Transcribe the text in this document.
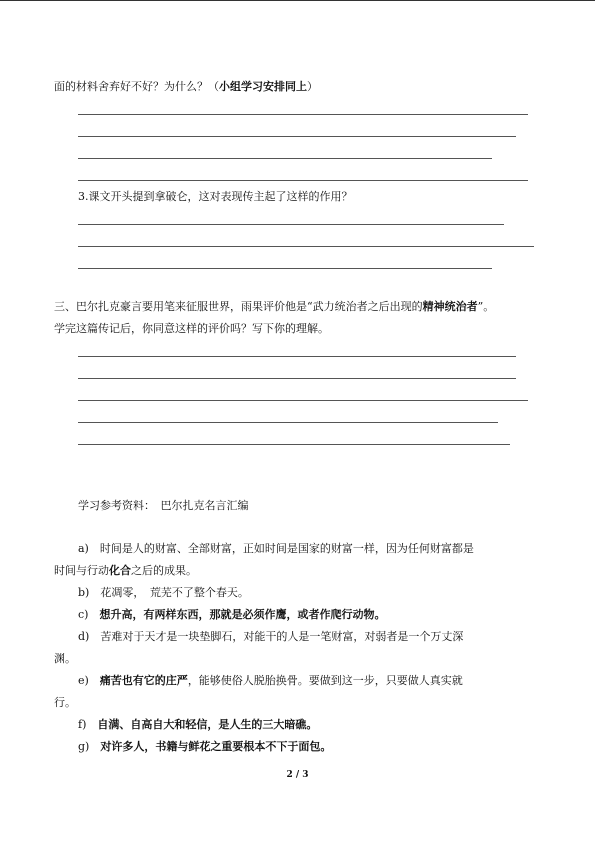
面的材料舍弃好不好？为什么？（小组学习安排同上）
3.课文开头提到拿破仑，这对表现传主起了这样的作用？
三、巴尔扎克豪言要用笔来征服世界，雨果评价他是“武力统治者之后出现的精神统治者”。
学完这篇传记后，你同意这样的评价吗？写下你的理解。
学习参考资料：　巴尔扎克名言汇编
a)　时间是人的财富、全部财富，正如时间是国家的财富一样，因为任何财富都是
时间与行动化合之后的成果。
b)　花凋零，　荒芜不了整个春天。
c)　想升高，有两样东西，那就是必须作鹰，或者作爬行动物。
d)　苦难对于天才是一块垫脚石，对能干的人是一笔财富，对弱者是一个万丈深
渊。
e)　痛苦也有它的庄严，能够使俗人脱胎换骨。要做到这一步，只要做人真实就
行。
f)　自满、自高自大和轻信，是人生的三大暗礁。
g)　对许多人，书籍与鲜花之重要根本不下于面包。
2 / 3
